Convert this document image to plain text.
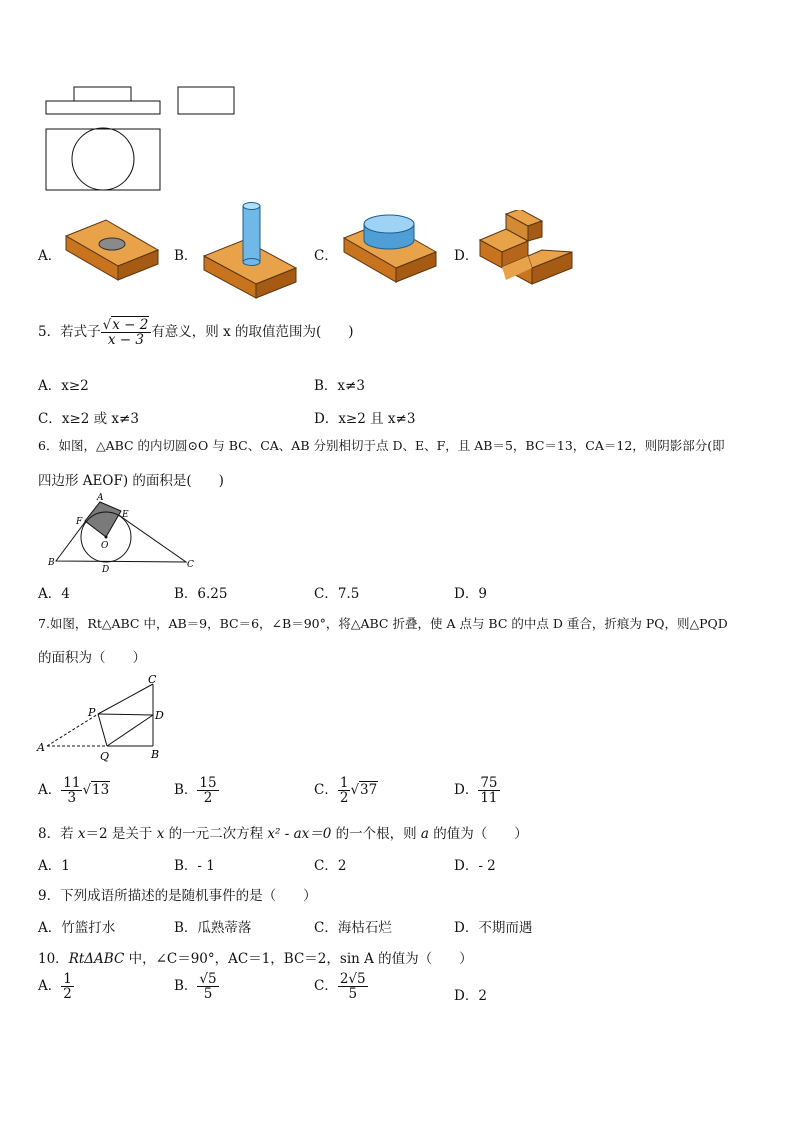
A．	B．	C．	D．
5．若式子 $\frac{√x - 2}{x - 3}$ 有意义，则 x 的取值范围为(　　)
A．x≥2	B．x≠3
C．x≥2 或 x≠3	D．x≥2 且 x≠3
6．如图，△ABC 的内切圆⊙O 与 BC、CA、AB 分别相切于点 D、E、F，且 AB＝5，BC＝13，CA＝12，则阴影部分(即
四边形 AEOF) 的面积是(　　)
A
E
F
O
B
D	C
A．4	B．6.25	C．7.5	D．9
7.如图，Rt△ABC 中，AB＝9，BC＝6，∠B＝90°，将△ABC 折叠，使 A 点与 BC 的中点 D 重合，折痕为 PQ，则△PQD
的面积为（　　）
C
P	D
A
Q	B
A． $\frac{11}{3} √13$	B． $\frac{15}{2}$	C． $\frac{1}{2} √37$	D． $\frac{75}{11}$
8．若 x＝2 是关于 x 的一元二次方程 x² - ax＝0 的一个根，则 a 的值为（　　）
A．1	B．- 1	C．2	D．- 2
9．下列成语所描述的是随机事件的是（　　）
A．竹篮打水	B．瓜熟蒂落	C．海枯石烂	D．不期而遇
10．RtΔABC 中，∠C＝90°，AC＝1，BC＝2，sin A 的值为（　　）
A． $\frac{1}{2}$	B． $\frac{√5}{5}$	C． $\frac{2√5}{5}$	D．2
